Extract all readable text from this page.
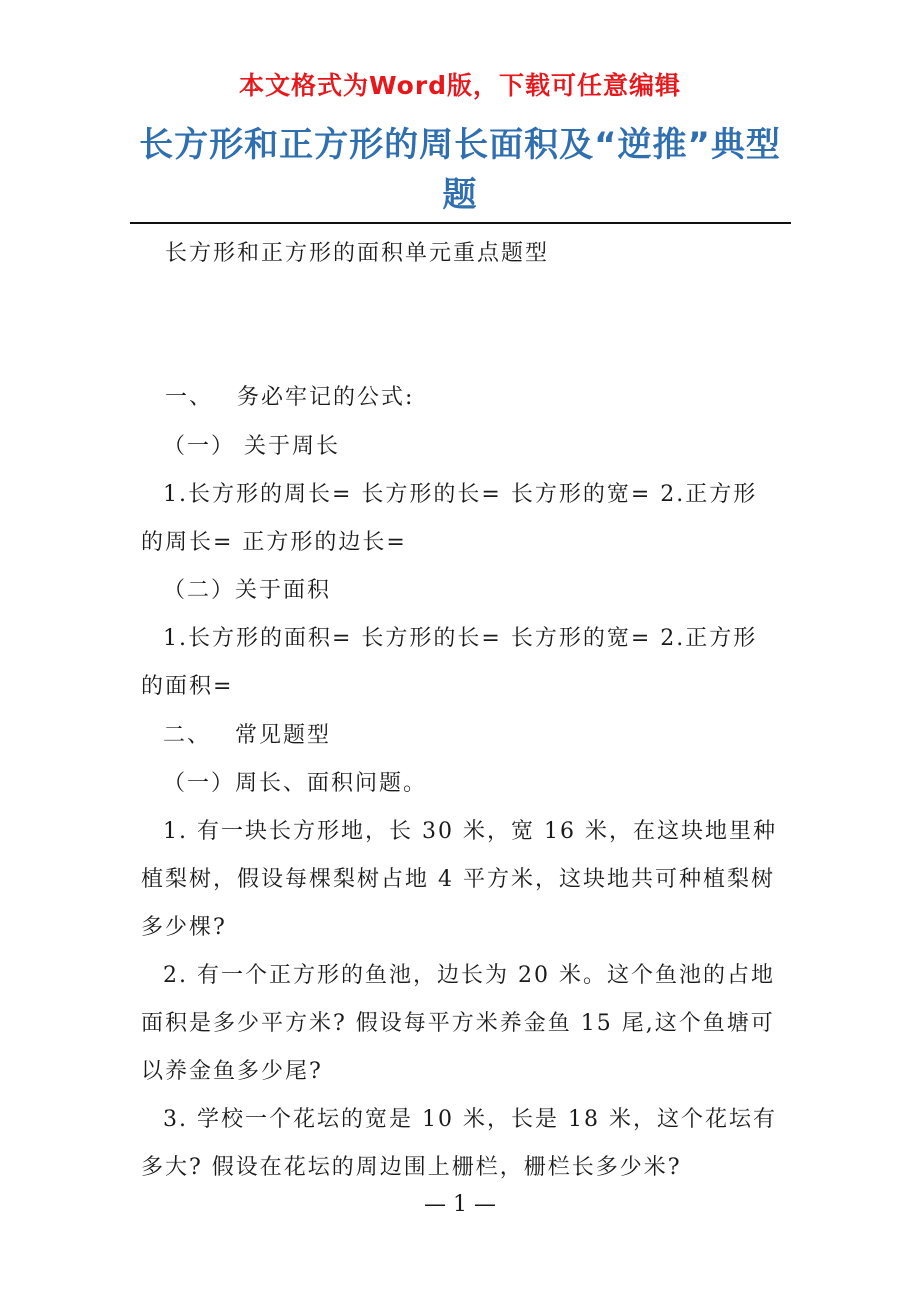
本文格式为Word版，下载可任意编辑
长方形和正方形的周长面积及“逆推”典型题
长方形和正方形的面积单元重点题型
一、 务必牢记的公式:

（一） 关于周长

1.长方形的周长= 长方形的长= 长方形的宽= 2.正方形的周长= 正方形的边长=

（二）关于面积

1.长方形的面积= 长方形的长= 长方形的宽= 2.正方形的面积=

二、 常见题型

（一）周长、面积问题。

1. 有一块长方形地，长 30 米，宽 16 米，在这块地里种植梨树，假设每棵梨树占地 4 平方米，这块地共可种植梨树多少棵?

2. 有一个正方形的鱼池，边长为 20 米。这个鱼池的占地面积是多少平方米? 假设每平方米养金鱼 15 尾,这个鱼塘可以养金鱼多少尾?

3. 学校一个花坛的宽是 10 米，长是 18 米，这个花坛有多大? 假设在花坛的周边围上栅栏，栅栏长多少米?

— 1 —
